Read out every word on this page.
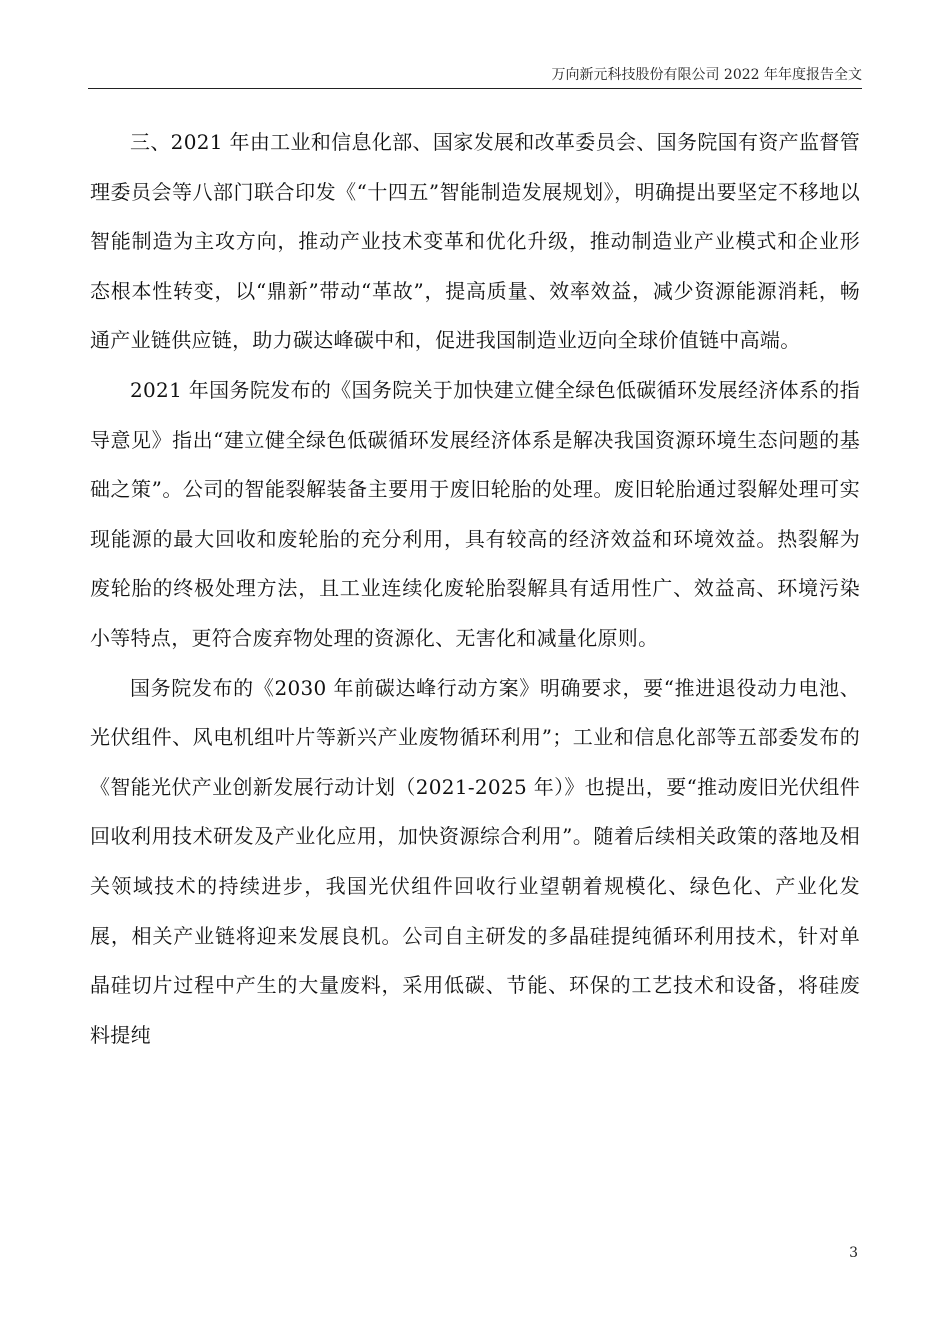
万向新元科技股份有限公司 2022 年年度报告全文

三、2021 年由工业和信息化部、国家发展和改革委员会、国务院国有资产监督管理委员会等八部门联合印发《“十四五”智能制造发展规划》，明确提出要坚定不移地以智能制造为主攻方向，推动产业技术变革和优化升级，推动制造业产业模式和企业形态根本性转变，以“鼎新”带动“革故”，提高质量、效率效益，减少资源能源消耗，畅通产业链供应链，助力碳达峰碳中和，促进我国制造业迈向全球价值链中高端。

2021 年国务院发布的《国务院关于加快建立健全绿色低碳循环发展经济体系的指导意见》指出“建立健全绿色低碳循环发展经济体系是解决我国资源环境生态问题的基础之策”。公司的智能裂解装备主要用于废旧轮胎的处理。废旧轮胎通过裂解处理可实现能源的最大回收和废轮胎的充分利用，具有较高的经济效益和环境效益。热裂解为废轮胎的终极处理方法，且工业连续化废轮胎裂解具有适用性广、效益高、环境污染小等特点，更符合废弃物处理的资源化、无害化和减量化原则。

国务院发布的《2030 年前碳达峰行动方案》明确要求，要“推进退役动力电池、光伏组件、风电机组叶片等新兴产业废物循环利用”；工业和信息化部等五部委发布的《智能光伏产业创新发展行动计划（2021-2025 年）》也提出，要“推动废旧光伏组件回收利用技术研发及产业化应用，加快资源综合利用”。随着后续相关政策的落地及相关领域技术的持续进步，我国光伏组件回收行业望朝着规模化、绿色化、产业化发展，相关产业链将迎来发展良机。公司自主研发的多晶硅提纯循环利用技术，针对单晶硅切片过程中产生的大量废料，采用低碳、节能、环保的工艺技术和设备，将硅废料提纯

3
